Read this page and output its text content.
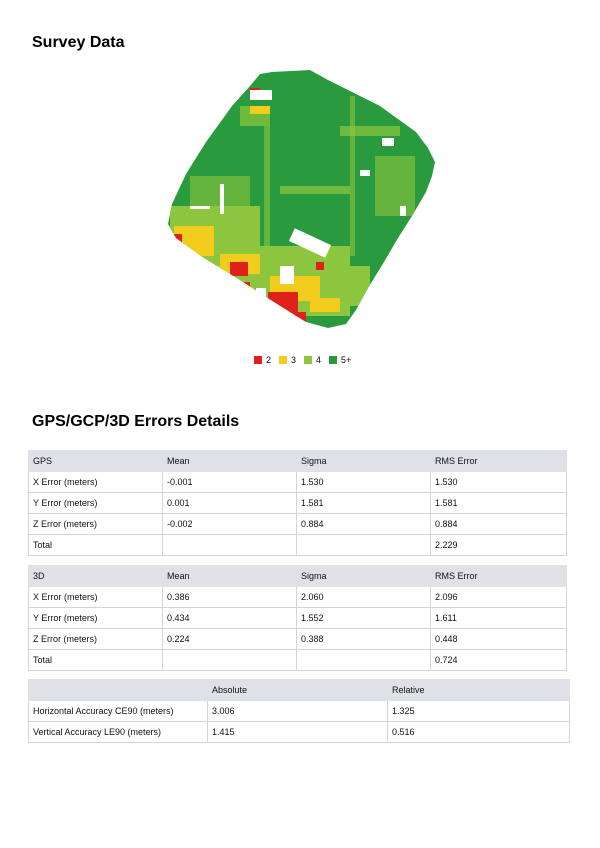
Survey Data
2 3 4 5+
GPS/GCP/3D Errors Details
GPS	Mean	Sigma	RMS Error
X Error (meters)	-0.001	1.530	1.530
Y Error (meters)	0.001	1.581	1.581
Z Error (meters)	-0.002	0.884	0.884
Total			2.229
3D	Mean	Sigma	RMS Error
X Error (meters)	0.386	2.060	2.096
Y Error (meters)	0.434	1.552	1.611
Z Error (meters)	0.224	0.388	0.448
Total			0.724
	Absolute	Relative
Horizontal Accuracy CE90 (meters)	3.006	1.325
Vertical Accuracy LE90 (meters)	1.415	0.516
